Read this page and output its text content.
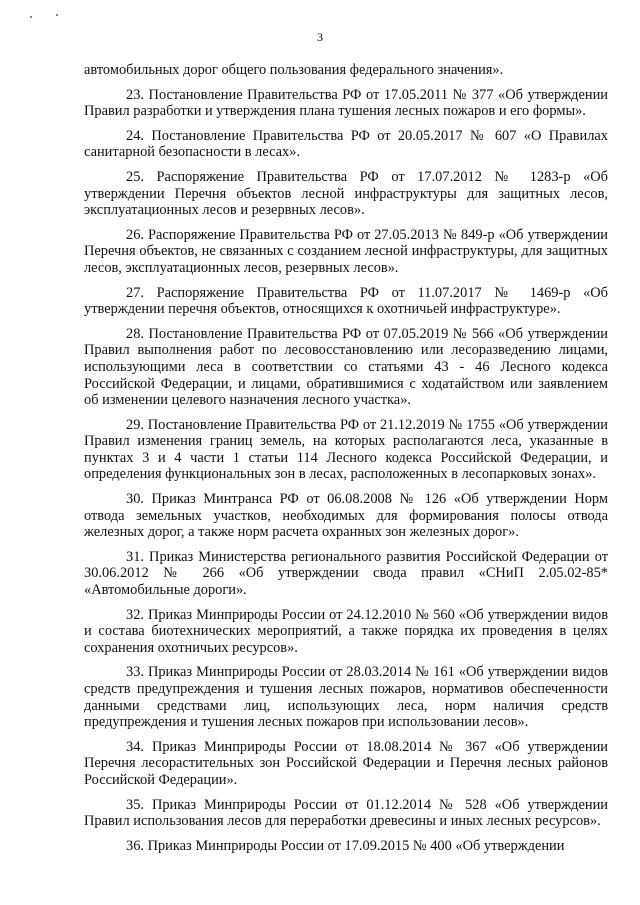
3

автомобильных дорог общего пользования федерального значения».

23. Постановление Правительства РФ от 17.05.2011 № 377 «Об утверждении Правил разработки и утверждения плана тушения лесных пожаров и его формы».

24. Постановление Правительства РФ от 20.05.2017 № 607 «О Правилах санитарной безопасности в лесах».

25. Распоряжение Правительства РФ от 17.07.2012 № 1283-р «Об утверждении Перечня объектов лесной инфраструктуры для защитных лесов, эксплуатационных лесов и резервных лесов».

26. Распоряжение Правительства РФ от 27.05.2013 № 849-р «Об утверждении Перечня объектов, не связанных с созданием лесной инфраструктуры, для защитных лесов, эксплуатационных лесов, резервных лесов».

27. Распоряжение Правительства РФ от 11.07.2017 № 1469-р «Об утверждении перечня объектов, относящихся к охотничьей инфраструктуре».

28. Постановление Правительства РФ от 07.05.2019 № 566 «Об утверждении Правил выполнения работ по лесовосстановлению или лесоразведению лицами, использующими леса в соответствии со статьями 43 - 46 Лесного кодекса Российской Федерации, и лицами, обратившимися с ходатайством или заявлением об изменении целевого назначения лесного участка».

29. Постановление Правительства РФ от 21.12.2019 № 1755 «Об утверждении Правил изменения границ земель, на которых располагаются леса, указанные в пунктах 3 и 4 части 1 статьи 114 Лесного кодекса Российской Федерации, и определения функциональных зон в лесах, расположенных в лесопарковых зонах».

30. Приказ Минтранса РФ от 06.08.2008 № 126 «Об утверждении Норм отвода земельных участков, необходимых для формирования полосы отвода железных дорог, а также норм расчета охранных зон железных дорог».

31. Приказ Министерства регионального развития Российской Федерации от 30.06.2012 № 266 «Об утверждении свода правил «СНиП 2.05.02-85* «Автомобильные дороги».

32. Приказ Минприроды России от 24.12.2010 № 560 «Об утверждении видов и состава биотехнических мероприятий, а также порядка их проведения в целях сохранения охотничьих ресурсов».

33. Приказ Минприроды России от 28.03.2014 № 161 «Об утверждении видов средств предупреждения и тушения лесных пожаров, нормативов обеспеченности данными средствами лиц, использующих леса, норм наличия средств предупреждения и тушения лесных пожаров при использовании лесов».

34. Приказ Минприроды России от 18.08.2014 № 367 «Об утверждении Перечня лесорастительных зон Российской Федерации и Перечня лесных районов Российской Федерации».

35. Приказ Минприроды России от 01.12.2014 № 528 «Об утверждении Правил использования лесов для переработки древесины и иных лесных ресурсов».

36. Приказ Минприроды России от 17.09.2015 № 400 «Об утверждении
